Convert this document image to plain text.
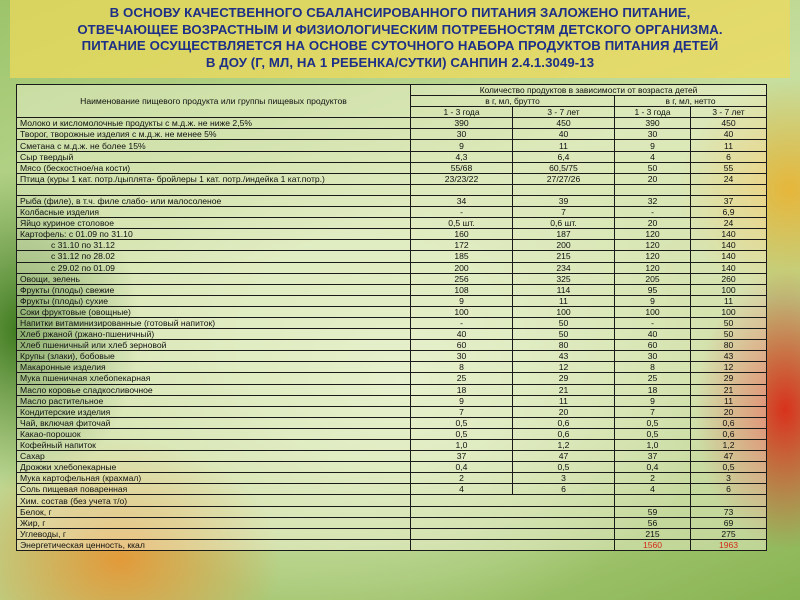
В ОСНОВУ КАЧЕСТВЕННОГО СБАЛАНСИРОВАННОГО ПИТАНИЯ ЗАЛОЖЕНО ПИТАНИЕ,
ОТВЕЧАЮЩЕЕ ВОЗРАСТНЫМ И ФИЗИОЛОГИЧЕСКИМ ПОТРЕБНОСТЯМ ДЕТСКОГО ОРГАНИЗМА.
ПИТАНИЕ ОСУЩЕСТВЛЯЕТСЯ НА ОСНОВЕ СУТОЧНОГО НАБОРА ПРОДУКТОВ ПИТАНИЯ ДЕТЕЙ
В ДОУ (Г, МЛ, НА 1 РЕБЕНКА/СУТКИ) САНПИН 2.4.1.3049-13
Наименование пищевого продукта или группы пищевых продуктов	Количество продуктов в зависимости от возраста детей			
	в г, мл, брутто		в г, мл, нетто	
	1 - 3 года	3 - 7 лет	1 - 3 года	3 - 7 лет
Молоко и кисломолочные продукты с м.д.ж. не ниже 2,5%	390	450	390	450
Творог, творожные изделия с м.д.ж. не менее 5%	30	40	30	40
Сметана с м.д.ж. не более 15%	9	11	9	11
Сыр твердый	4,3	6,4	4	6
Мясо (бескостное/на кости)	55/68	60,5/75	50	55
Птица (куры 1 кат. потр./цыплята- бройлеры 1 кат. потр./индейка 1 кат.потр.)	23/23/22	27/27/26	20	24

Рыба (филе), в т.ч. филе слабо- или малосоленое	34	39	32	37
Колбасные изделия	-	7	-	6,9
Яйцо куриное столовое	0,5 шт.	0,6 шт.	20	24
Картофель: с 01.09 по 31.10	160	187	120	140
с 31.10 по 31.12	172	200	120	140
с 31.12 по 28.02	185	215	120	140
с 29.02 по 01.09	200	234	120	140
Овощи, зелень	256	325	205	260
Фрукты (плоды) свежие	108	114	95	100
Фрукты (плоды) сухие	9	11	9	11
Соки фруктовые (овощные)	100	100	100	100
Напитки витаминизированные (готовый напиток)	-	50	-	50
Хлеб ржаной (ржано-пшеничный)	40	50	40	50
Хлеб пшеничный или хлеб зерновой	60	80	60	80
Крупы (злаки), бобовые	30	43	30	43
Макаронные изделия	8	12	8	12
Мука пшеничная хлебопекарная	25	29	25	29
Масло коровье сладкосливочное	18	21	18	21
Масло растительное	9	11	9	11
Кондитерские изделия	7	20	7	20
Чай, включая фиточай	0,5	0,6	0,5	0,6
Какао-порошок	0,5	0,6	0,5	0,6
Кофейный напиток	1,0	1,2	1,0	1,2
Сахар	37	47	37	47
Дрожжи хлебопекарные	0,4	0,5	0,4	0,5
Мука картофельная (крахмал)	2	3	2	3
Соль пищевая поваренная	4	6	4	6
Хим. состав (без учета т/о)				
Белок, г			59	73
Жир, г			56	69
Углеводы, г			215	275
Энергетическая ценность, ккал			1560	1963
